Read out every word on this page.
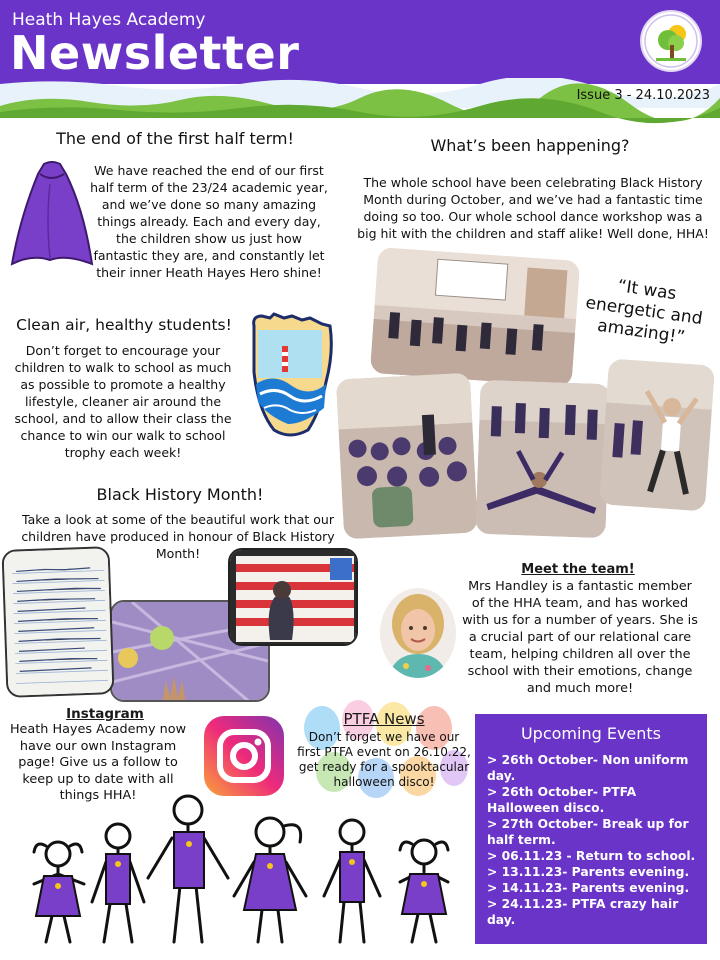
Heath Hayes Academy
Newsletter
Issue 3 - 24.10.2023
The end of the first half term!
We have reached the end of our first half term of the 23/24 academic year, and we’ve done so many amazing things already. Each and every day, the children show us just how fantastic they are, and constantly let their inner Heath Hayes Hero shine!
Clean air, healthy students!
Don’t forget to encourage your children to walk to school as much as possible to promote a healthy lifestyle, cleaner air around the school, and to allow their class the chance to win our walk to school trophy each week!
Black History Month!
Take a look at some of the beautiful work that our children have produced in honour of Black History Month!
What’s been happening?
The whole school have been celebrating Black History Month during October, and we’ve had a fantastic time doing so too. Our whole school dance workshop was a big hit with the children and staff alike! Well done, HHA!
“It was energetic and amazing!”
Meet the team!
Mrs Handley is a fantastic member of the HHA team, and has worked with us for a number of years. She is a crucial part of our relational care team, helping children all over the school with their emotions, change and much more!
Instagram
Heath Hayes Academy now have our own Instagram page! Give us a follow to keep up to date with all things HHA!
PTFA News
Don’t forget we have our first PTFA event on 26.10.22, get ready for a spooktacular halloween disco!
Upcoming Events
> 26th October- Non uniform day.
> 26th October- PTFA Halloween disco.
> 27th October- Break up for half term.
> 06.11.23 - Return to school.
> 13.11.23- Parents evening.
> 14.11.23- Parents evening.
> 24.11.23- PTFA crazy hair day.
